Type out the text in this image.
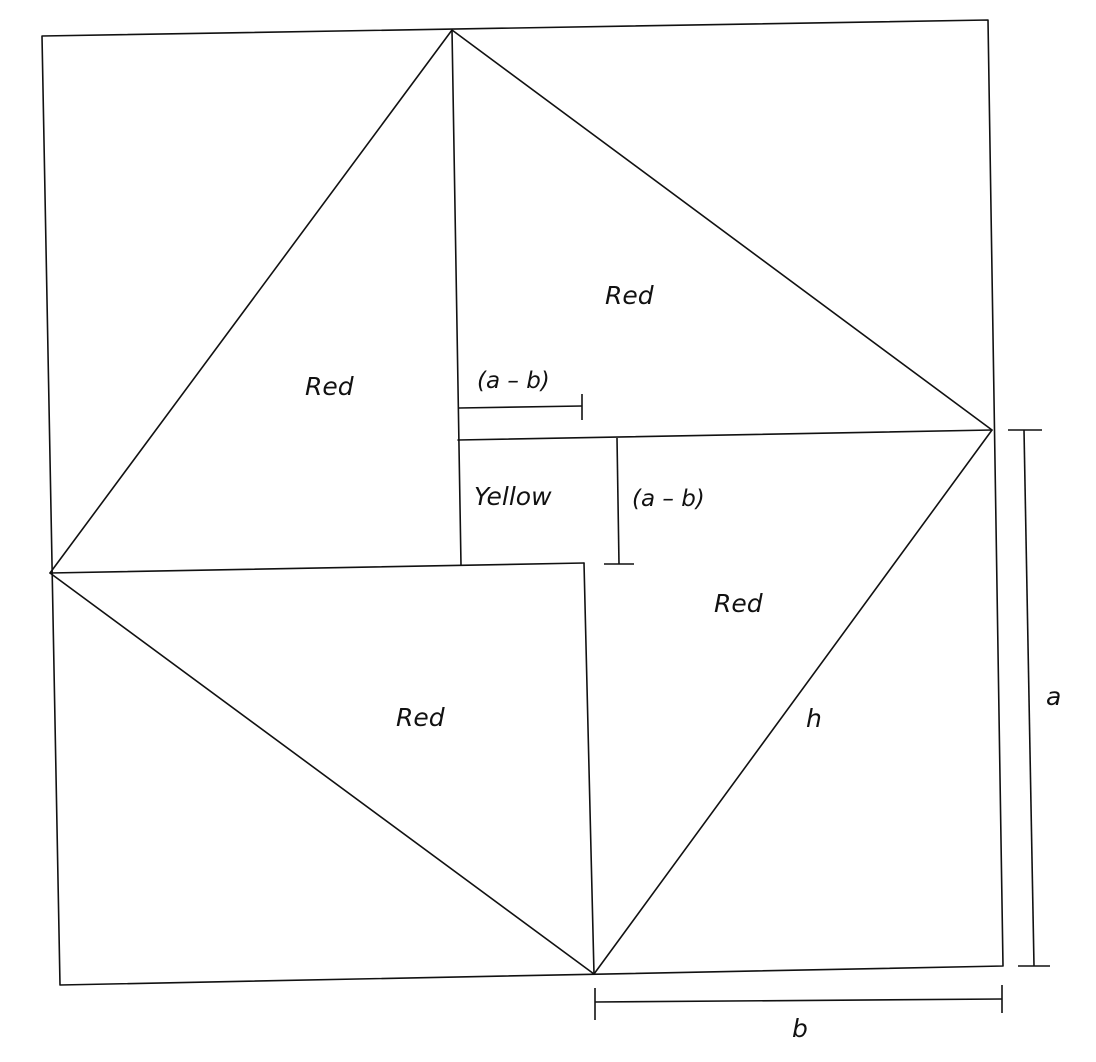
Red
Red
Red
Red
Yellow
(a – b)
(a – b)
h
a
b
